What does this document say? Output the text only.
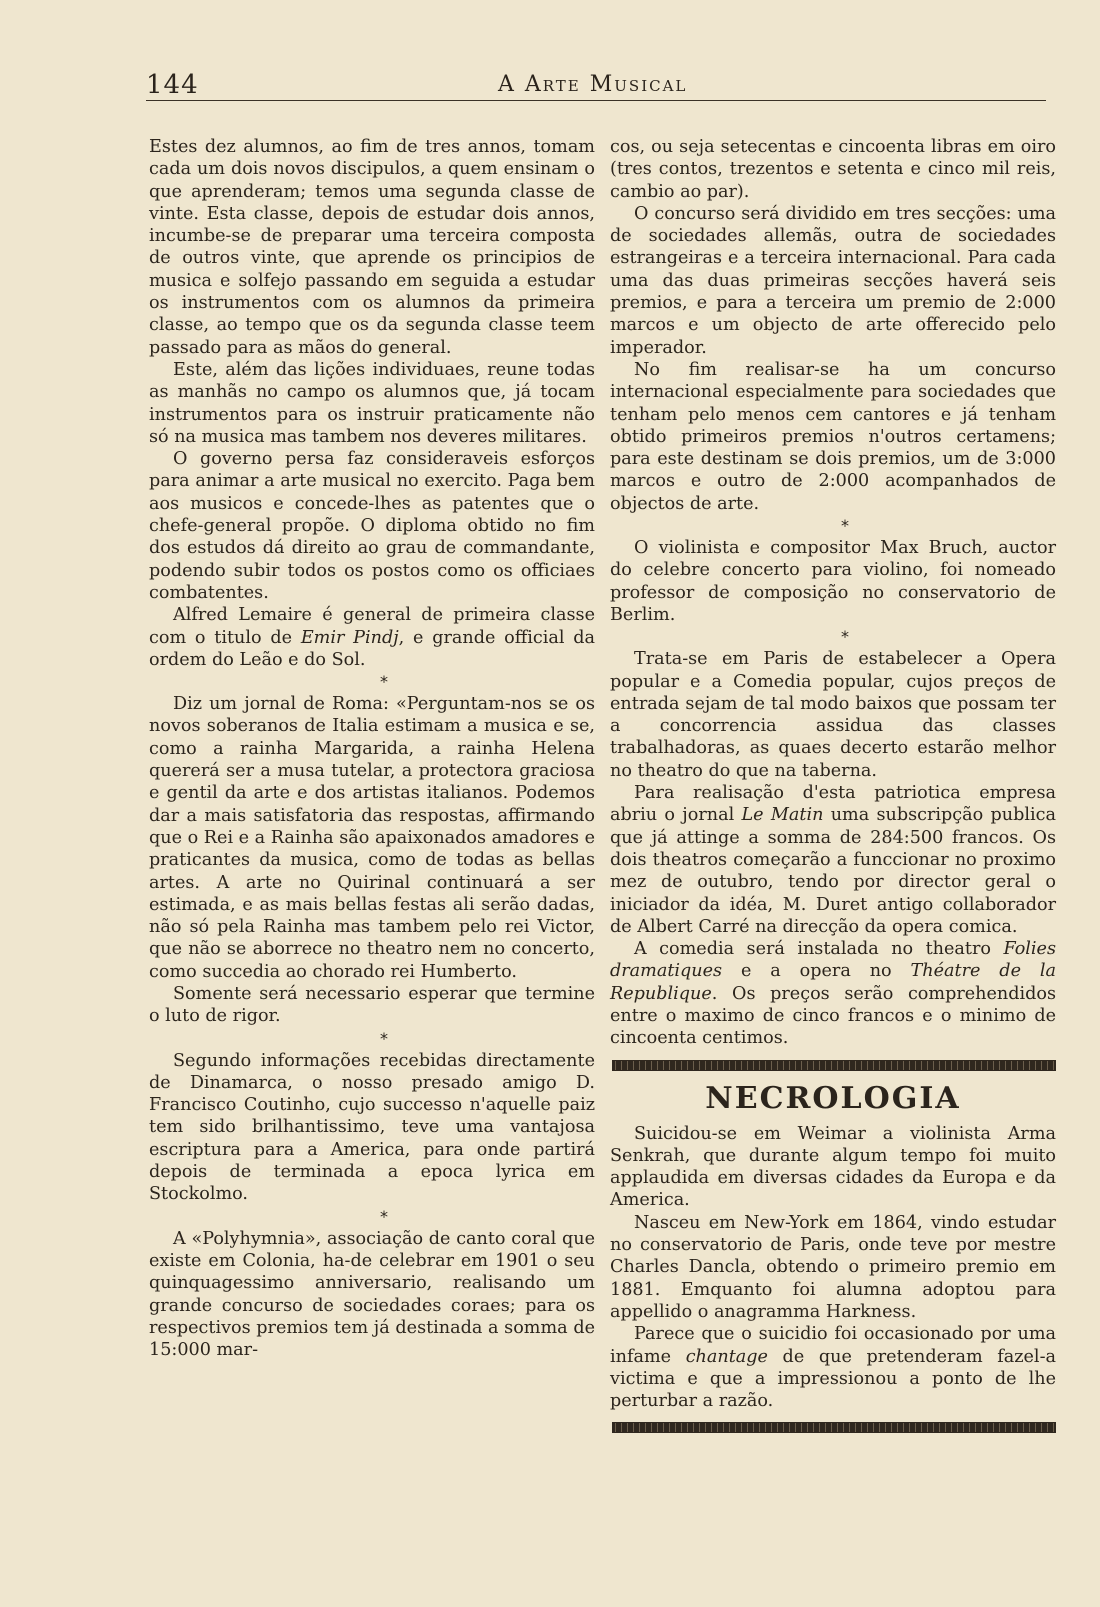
144	A Arte Musical

Estes dez alumnos, ao fim de tres annos, tomam cada um dois novos discipulos, a quem ensinam o que aprenderam; temos uma segunda classe de vinte. Esta classe, depois de estudar dois annos, incumbe-se de preparar uma terceira composta de outros vinte, que aprende os principios de musica e solfejo passando em seguida a estudar os instrumentos com os alumnos da primeira classe, ao tempo que os da segunda classe teem passado para as mãos do general.

Este, além das lições individuaes, reune todas as manhãs no campo os alumnos que, já tocam instrumentos para os instruir praticamente não só na musica mas tambem nos deveres militares.

O governo persa faz consideraveis esforços para animar a arte musical no exercito. Paga bem aos musicos e concede-lhes as patentes que o chefe-general propõe. O diploma obtido no fim dos estudos dá direito ao grau de commandante, podendo subir todos os postos como os officiaes combatentes.

Alfred Lemaire é general de primeira classe com o titulo de Emir Pindj, e grande official da ordem do Leão e do Sol.

*

Diz um jornal de Roma: «Perguntam-nos se os novos soberanos de Italia estimam a musica e se, como a rainha Margarida, a rainha Helena quererá ser a musa tutelar, a protectora graciosa e gentil da arte e dos artistas italianos. Podemos dar a mais satisfatoria das respostas, affirmando que o Rei e a Rainha são apaixonados amadores e praticantes da musica, como de todas as bellas artes. A arte no Quirinal continuará a ser estimada, e as mais bellas festas ali serão dadas, não só pela Rainha mas tambem pelo rei Victor, que não se aborrece no theatro nem no concerto, como succedia ao chorado rei Humberto.

Somente será necessario esperar que termine o luto de rigor.

*

Segundo informações recebidas directamente de Dinamarca, o nosso presado amigo D. Francisco Coutinho, cujo successo n'aquelle paiz tem sido brilhantissimo, teve uma vantajosa escriptura para a America, para onde partirá depois de terminada a epoca lyrica em Stockolmo.

*

A «Polyhymnia», associação de canto coral que existe em Colonia, ha-de celebrar em 1901 o seu quinquagessimo anniversario, realisando um grande concurso de sociedades coraes; para os respectivos premios tem já destinada a somma de 15:000 mar-

cos, ou seja setecentas e cincoenta libras em oiro (tres contos, trezentos e setenta e cinco mil reis, cambio ao par).

O concurso será dividido em tres secções: uma de sociedades allemãs, outra de sociedades estrangeiras e a terceira internacional. Para cada uma das duas primeiras secções haverá seis premios, e para a terceira um premio de 2:000 marcos e um objecto de arte offerecido pelo imperador.

No fim realisar-se ha um concurso internacional especialmente para sociedades que tenham pelo menos cem cantores e já tenham obtido primeiros premios n'outros certamens; para este destinam se dois premios, um de 3:000 marcos e outro de 2:000 acompanhados de objectos de arte.

*

O violinista e compositor Max Bruch, auctor do celebre concerto para violino, foi nomeado professor de composição no conservatorio de Berlim.

*

Trata-se em Paris de estabelecer a Opera popular e a Comedia popular, cujos preços de entrada sejam de tal modo baixos que possam ter a concorrencia assidua das classes trabalhadoras, as quaes decerto estarão melhor no theatro do que na taberna.

Para realisação d'esta patriotica empresa abriu o jornal Le Matin uma subscripção publica que já attinge a somma de 284:500 francos. Os dois theatros começarão a funccionar no proximo mez de outubro, tendo por director geral o iniciador da idéa, M. Duret antigo collaborador de Albert Carré na direcção da opera comica.

A comedia será instalada no theatro Folies dramatiques e a opera no Théatre de la Republique. Os preços serão comprehendidos entre o maximo de cinco francos e o minimo de cincoenta centimos.

NECROLOGIA

Suicidou-se em Weimar a violinista Arma Senkrah, que durante algum tempo foi muito applaudida em diversas cidades da Europa e da America.

Nasceu em New-York em 1864, vindo estudar no conservatorio de Paris, onde teve por mestre Charles Dancla, obtendo o primeiro premio em 1881. Emquanto foi alumna adoptou para appellido o anagramma Harkness.

Parece que o suicidio foi occasionado por uma infame chantage de que pretenderam fazel-a victima e que a impressionou a ponto de lhe perturbar a razão.
